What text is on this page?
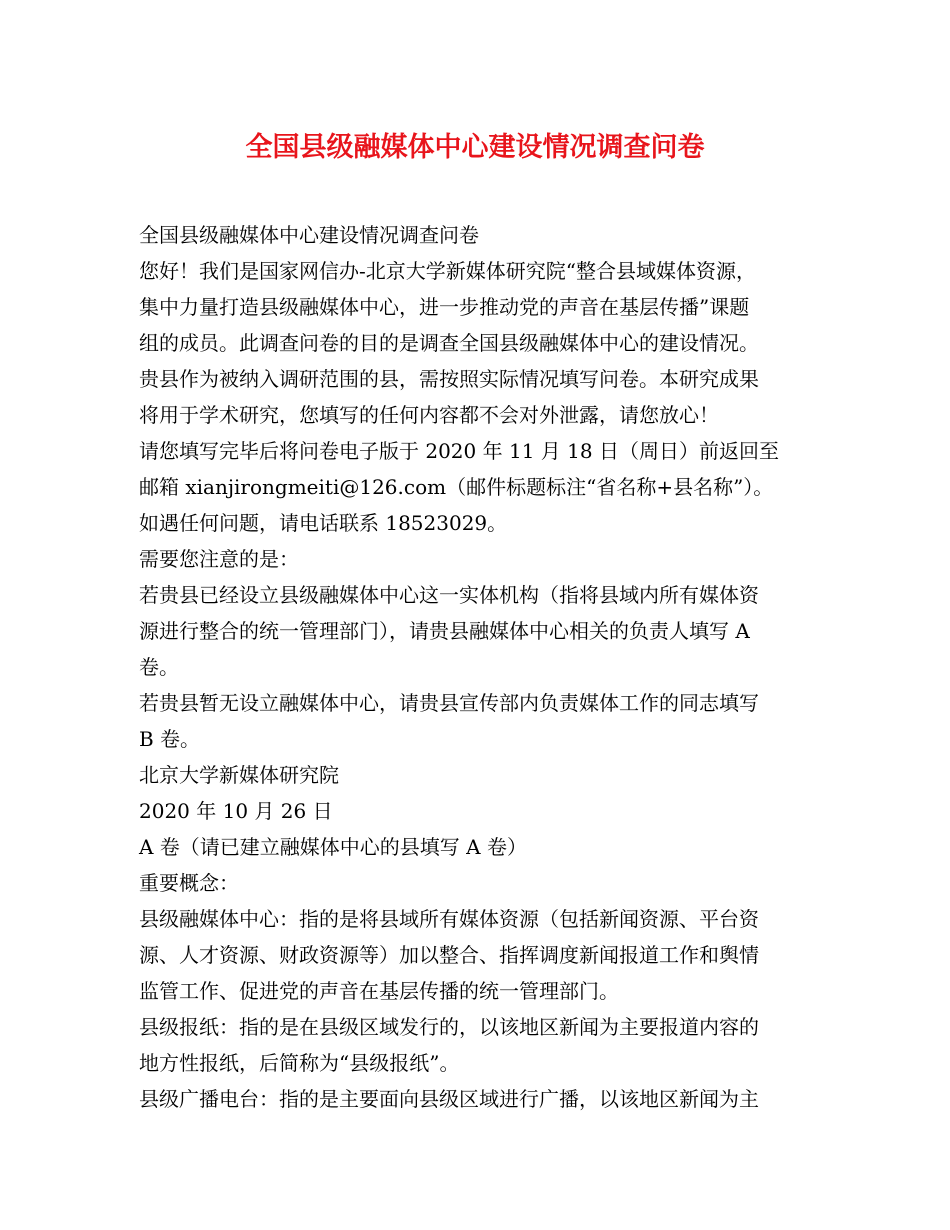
全国县级融媒体中心建设情况调查问卷

全国县级融媒体中心建设情况调查问卷

您好！我们是国家网信办-北京大学新媒体研究院“整合县域媒体资源，

集中力量打造县级融媒体中心，进一步推动党的声音在基层传播”课题

组的成员。此调查问卷的目的是调查全国县级融媒体中心的建设情况。

贵县作为被纳入调研范围的县，需按照实际情况填写问卷。本研究成果

将用于学术研究，您填写的任何内容都不会对外泄露，请您放心！

请您填写完毕后将问卷电子版于 2020 年 11 月 18 日（周日）前返回至

邮箱 xianjirongmeiti@126.com（邮件标题标注“省名称+县名称”）。

如遇任何问题，请电话联系 18523029。

需要您注意的是：

若贵县已经设立县级融媒体中心这一实体机构（指将县域内所有媒体资

源进行整合的统一管理部门），请贵县融媒体中心相关的负责人填写 A

卷。

若贵县暂无设立融媒体中心，请贵县宣传部内负责媒体工作的同志填写

B 卷。

北京大学新媒体研究院

2020 年 10 月 26 日

A 卷（请已建立融媒体中心的县填写 A 卷）

重要概念：

县级融媒体中心：指的是将县域所有媒体资源（包括新闻资源、平台资

源、人才资源、财政资源等）加以整合、指挥调度新闻报道工作和舆情

监管工作、促进党的声音在基层传播的统一管理部门。

县级报纸：指的是在县级区域发行的，以该地区新闻为主要报道内容的

地方性报纸，后简称为“县级报纸”。

县级广播电台：指的是主要面向县级区域进行广播，以该地区新闻为主
